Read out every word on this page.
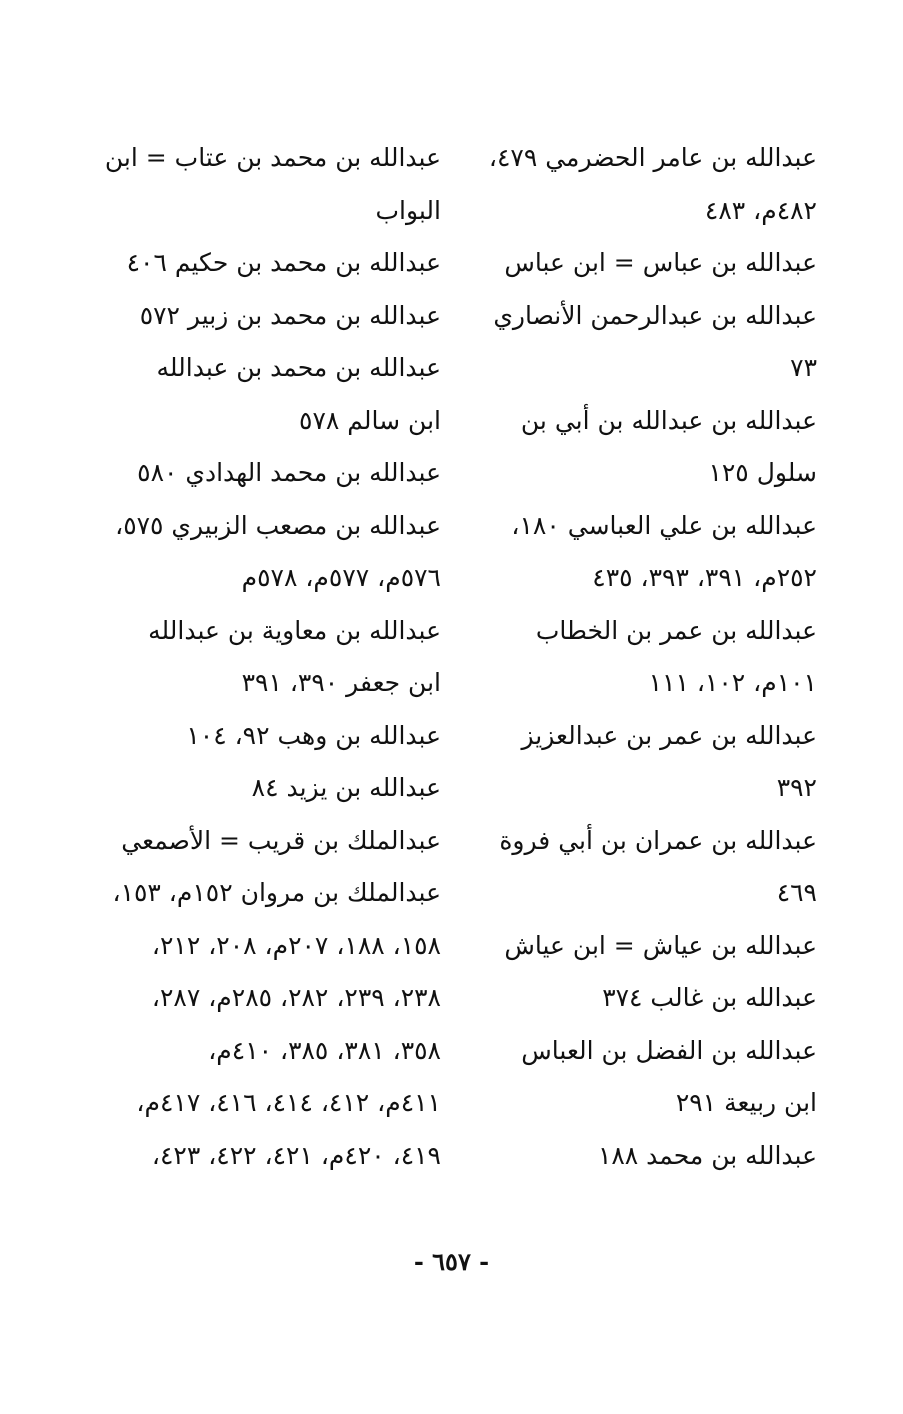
عبدالله بن عامر الحضرمي ٤٧٩،
٤٨٢م، ٤٨٣
عبدالله بن عباس = ابن عباس
عبدالله بن عبدالرحمن الأنصاري
٧٣
عبدالله بن عبدالله بن أبي بن
سلول ١٢٥
عبدالله بن علي العباسي ١٨٠،
٢٥٢م، ٣٩١، ٣٩٣، ٤٣٥
عبدالله بن عمر بن الخطاب
١٠١م، ١٠٢، ١١١
عبدالله بن عمر بن عبدالعزيز
٣٩٢
عبدالله بن عمران بن أبي فروة
٤٦٩
عبدالله بن عياش = ابن عياش
عبدالله بن غالب ٣٧٤
عبدالله بن الفضل بن العباس
ابن ربيعة ٢٩١
عبدالله بن محمد ١٨٨
عبدالله بن محمد بن عتاب = ابن
البواب
عبدالله بن محمد بن حكيم ٤٠٦
عبدالله بن محمد بن زبير ٥٧٢
عبدالله بن محمد بن عبدالله
ابن سالم ٥٧٨
عبدالله بن محمد الهدادي ٥٨٠
عبدالله بن مصعب الزبيري ٥٧٥،
٥٧٦م، ٥٧٧م، ٥٧٨م
عبدالله بن معاوية بن عبدالله
ابن جعفر ٣٩٠، ٣٩١
عبدالله بن وهب ٩٢، ١٠٤
عبدالله بن يزيد ٨٤
عبدالملك بن قريب = الأصمعي
عبدالملك بن مروان ١٥٢م، ١٥٣،
١٥٨، ١٨٨، ٢٠٧م، ٢٠٨، ٢١٢،
٢٣٨، ٢٣٩، ٢٨٢، ٢٨٥م، ٢٨٧،
٣٥٨، ٣٨١، ٣٨٥، ٤١٠م،
٤١١م، ٤١٢، ٤١٤، ٤١٦، ٤١٧م،
٤١٩، ٤٢٠م، ٤٢١، ٤٢٢، ٤٢٣،
- ٦٥٧ -
